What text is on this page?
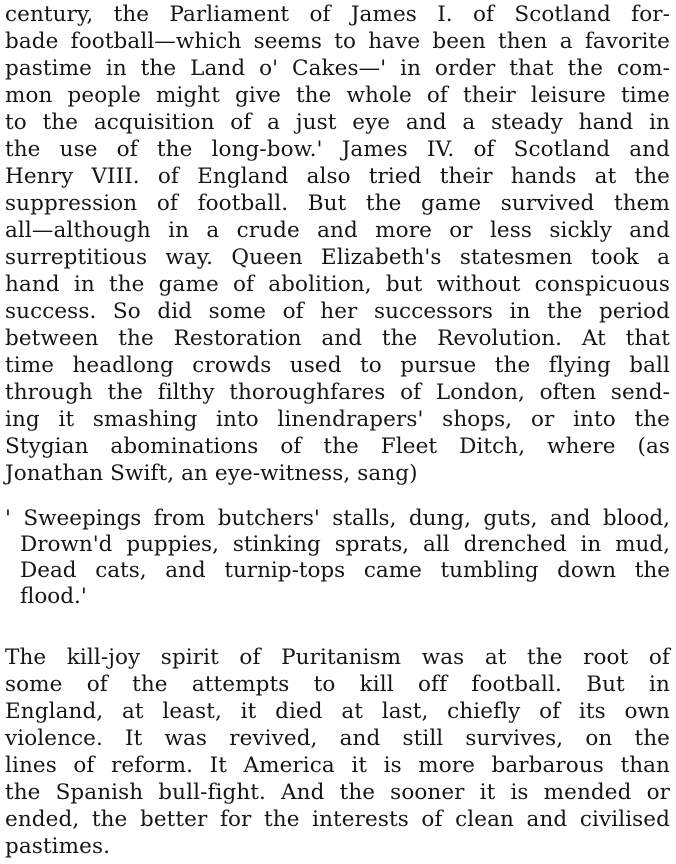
century, the Parliament of James I. of Scotland for-
bade football—which seems to have been then a favorite
pastime in the Land o' Cakes—' in order that the com-
mon people might give the whole of their leisure time
to the acquisition of a just eye and a steady hand in
the use of the long-bow.' James IV. of Scotland and
Henry VIII. of England also tried their hands at the
suppression of football. But the game survived them
all—although in a crude and more or less sickly and
surreptitious way. Queen Elizabeth's statesmen took a
hand in the game of abolition, but without conspicuous
success. So did some of her successors in the period
between the Restoration and the Revolution. At that
time headlong crowds used to pursue the flying ball
through the filthy thoroughfares of London, often send-
ing it smashing into linendrapers' shops, or into the
Stygian abominations of the Fleet Ditch, where (as
Jonathan Swift, an eye-witness, sang)
' Sweepings from butchers' stalls, dung, guts, and blood,
Drown'd puppies, stinking sprats, all drenched in mud,
Dead cats, and turnip-tops came tumbling down the
flood.'
The kill-joy spirit of Puritanism was at the root of
some of the attempts to kill off football. But in
England, at least, it died at last, chiefly of its own
violence. It was revived, and still survives, on the
lines of reform. It America it is more barbarous than
the Spanish bull-fight. And the sooner it is mended or
ended, the better for the interests of clean and civilised
pastimes.
